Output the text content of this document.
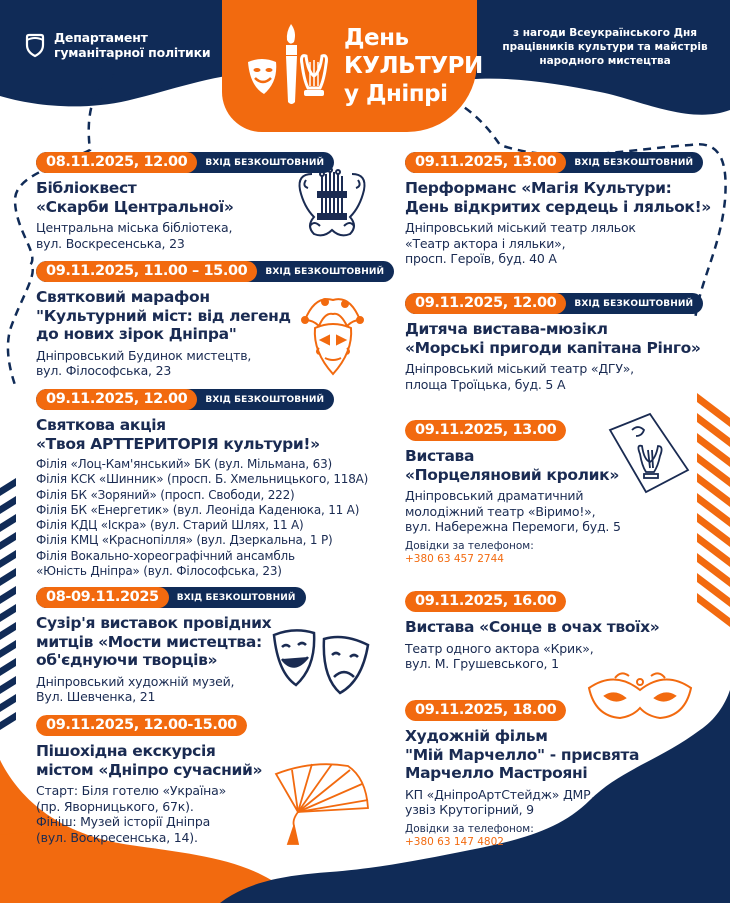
Департамент
гуманітарної політики
День
КУЛЬТУРИ
у Дніпрі
з нагоди Всеукраїнського Дня
працівників культури та майстрів
народного мистецтва
08.11.2025, 12.00	ВХІД БЕЗКОШТОВНИЙ
Бібліоквест
«Скарби Центральної»
Центральна міська бібліотека,
вул. Воскресенська, 23
09.11.2025, 11.00 – 15.00	ВХІД БЕЗКОШТОВНИЙ
Святковий марафон
"Культурний міст: від легенд
до нових зірок Дніпра"
Дніпровський Будинок мистецтв,
вул. Філософська, 23
09.11.2025, 12.00	ВХІД БЕЗКОШТОВНИЙ
Святкова акція
«Твоя АРТТЕРИТОРІЯ культури!»
Філія «Лоц-Кам'янський» БК (вул. Мільмана, 63)
Філія КСК «Шинник» (просп. Б. Хмельницького, 118А)
Філія БК «Зоряний» (просп. Свободи, 222)
Філія БК «Енергетик» (вул. Леоніда Каденюка, 11 А)
Філія КДЦ «Іскра» (вул. Старий Шлях, 11 А)
Філія КМЦ «Краснопілля» (вул. Дзеркальна, 1 Р)
Філія Вокально-хореографічний ансамбль
«Юність Дніпра» (вул. Філософська, 23)
08-09.11.2025	ВХІД БЕЗКОШТОВНИЙ
Сузір'я виставок провідних
митців «Мости мистецтва:
об'єднуючи творців»
Дніпровський художній музей,
Вул. Шевченка, 21
09.11.2025, 12.00-15.00
Пішохідна екскурсія
містом «Дніпро сучасний»
Старт: Біля готелю «Україна»
(пр. Яворницького, 67к).
Фініш: Музей історії Дніпра
(вул. Воскресенська, 14).
09.11.2025, 13.00	ВХІД БЕЗКОШТОВНИЙ
Перформанс «Магія Культури:
День відкритих сердець і ляльок!»
Дніпровський міський театр ляльок
«Театр актора і ляльки»,
просп. Героїв, буд. 40 А
09.11.2025, 12.00	ВХІД БЕЗКОШТОВНИЙ
Дитяча вистава-мюзікл
«Морські пригоди капітана Рінго»
Дніпровський міський театр «ДГУ»,
площа Троїцька, буд. 5 А
09.11.2025, 13.00
Вистава
«Порцеляновий кролик»
Дніпровський драматичний
молодіжний театр «Віримо!»,
вул. Набережна Перемоги, буд. 5
Довідки за телефоном:
+380 63 457 2744
09.11.2025, 16.00
Вистава «Сонце в очах твоїх»
Театр одного актора «Крик»,
вул. М. Грушевського, 1
09.11.2025, 18.00
Художній фільм
"Мій Марчелло" - присвята
Марчелло Мастрояні
КП «ДніпроАртСтейдж» ДМР,
узвіз Крутогірний, 9
Довідки за телефоном:
+380 63 147 4802
